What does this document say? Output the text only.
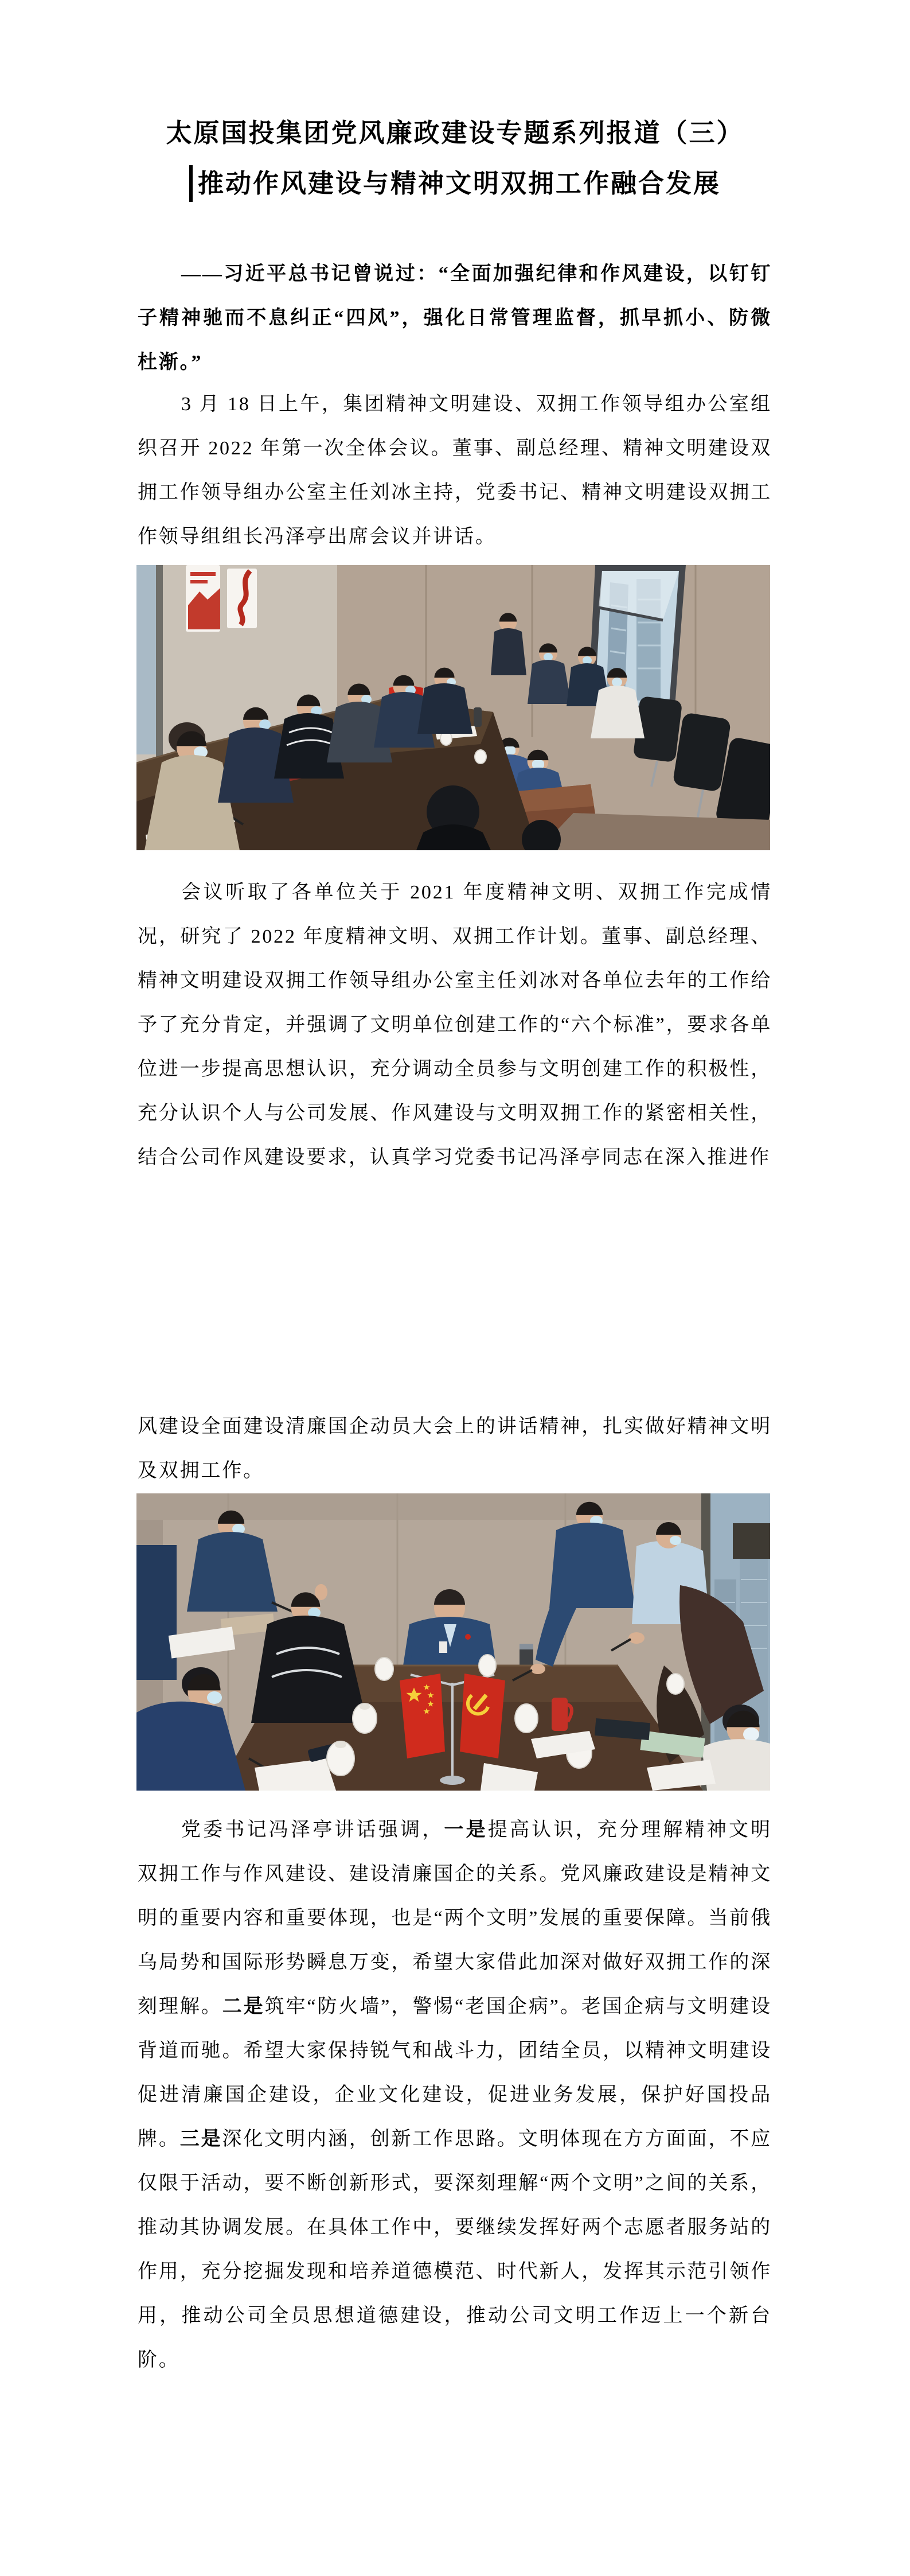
太原国投集团党风廉政建设专题系列报道（三）
推动作风建设与精神文明双拥工作融合发展

——习近平总书记曾说过：“全面加强纪律和作风建设，以钉钉子精神驰而不息纠正“四风”，强化日常管理监督，抓早抓小、防微杜渐。”

3 月 18 日上午，集团精神文明建设、双拥工作领导组办公室组织召开 2022 年第一次全体会议。董事、副总经理、精神文明建设双拥工作领导组办公室主任刘冰主持，党委书记、精神文明建设双拥工作领导组组长冯泽亭出席会议并讲话。

会议听取了各单位关于 2021 年度精神文明、双拥工作完成情况，研究了 2022 年度精神文明、双拥工作计划。董事、副总经理、精神文明建设双拥工作领导组办公室主任刘冰对各单位去年的工作给予了充分肯定，并强调了文明单位创建工作的“六个标准”，要求各单位进一步提高思想认识，充分调动全员参与文明创建工作的积极性，充分认识个人与公司发展、作风建设与文明双拥工作的紧密相关性，结合公司作风建设要求，认真学习党委书记冯泽亭同志在深入推进作

风建设全面建设清廉国企动员大会上的讲话精神，扎实做好精神文明及双拥工作。

党委书记冯泽亭讲话强调，一是提高认识，充分理解精神文明双拥工作与作风建设、建设清廉国企的关系。党风廉政建设是精神文明的重要内容和重要体现，也是“两个文明”发展的重要保障。当前俄乌局势和国际形势瞬息万变，希望大家借此加深对做好双拥工作的深刻理解。二是筑牢“防火墙”，警惕“老国企病”。老国企病与文明建设背道而驰。希望大家保持锐气和战斗力，团结全员，以精神文明建设促进清廉国企建设，企业文化建设，促进业务发展，保护好国投品牌。三是深化文明内涵，创新工作思路。文明体现在方方面面，不应仅限于活动，要不断创新形式，要深刻理解“两个文明”之间的关系，推动其协调发展。在具体工作中，要继续发挥好两个志愿者服务站的作用，充分挖掘发现和培养道德模范、时代新人，发挥其示范引领作用，推动公司全员思想道德建设，推动公司文明工作迈上一个新台阶。
